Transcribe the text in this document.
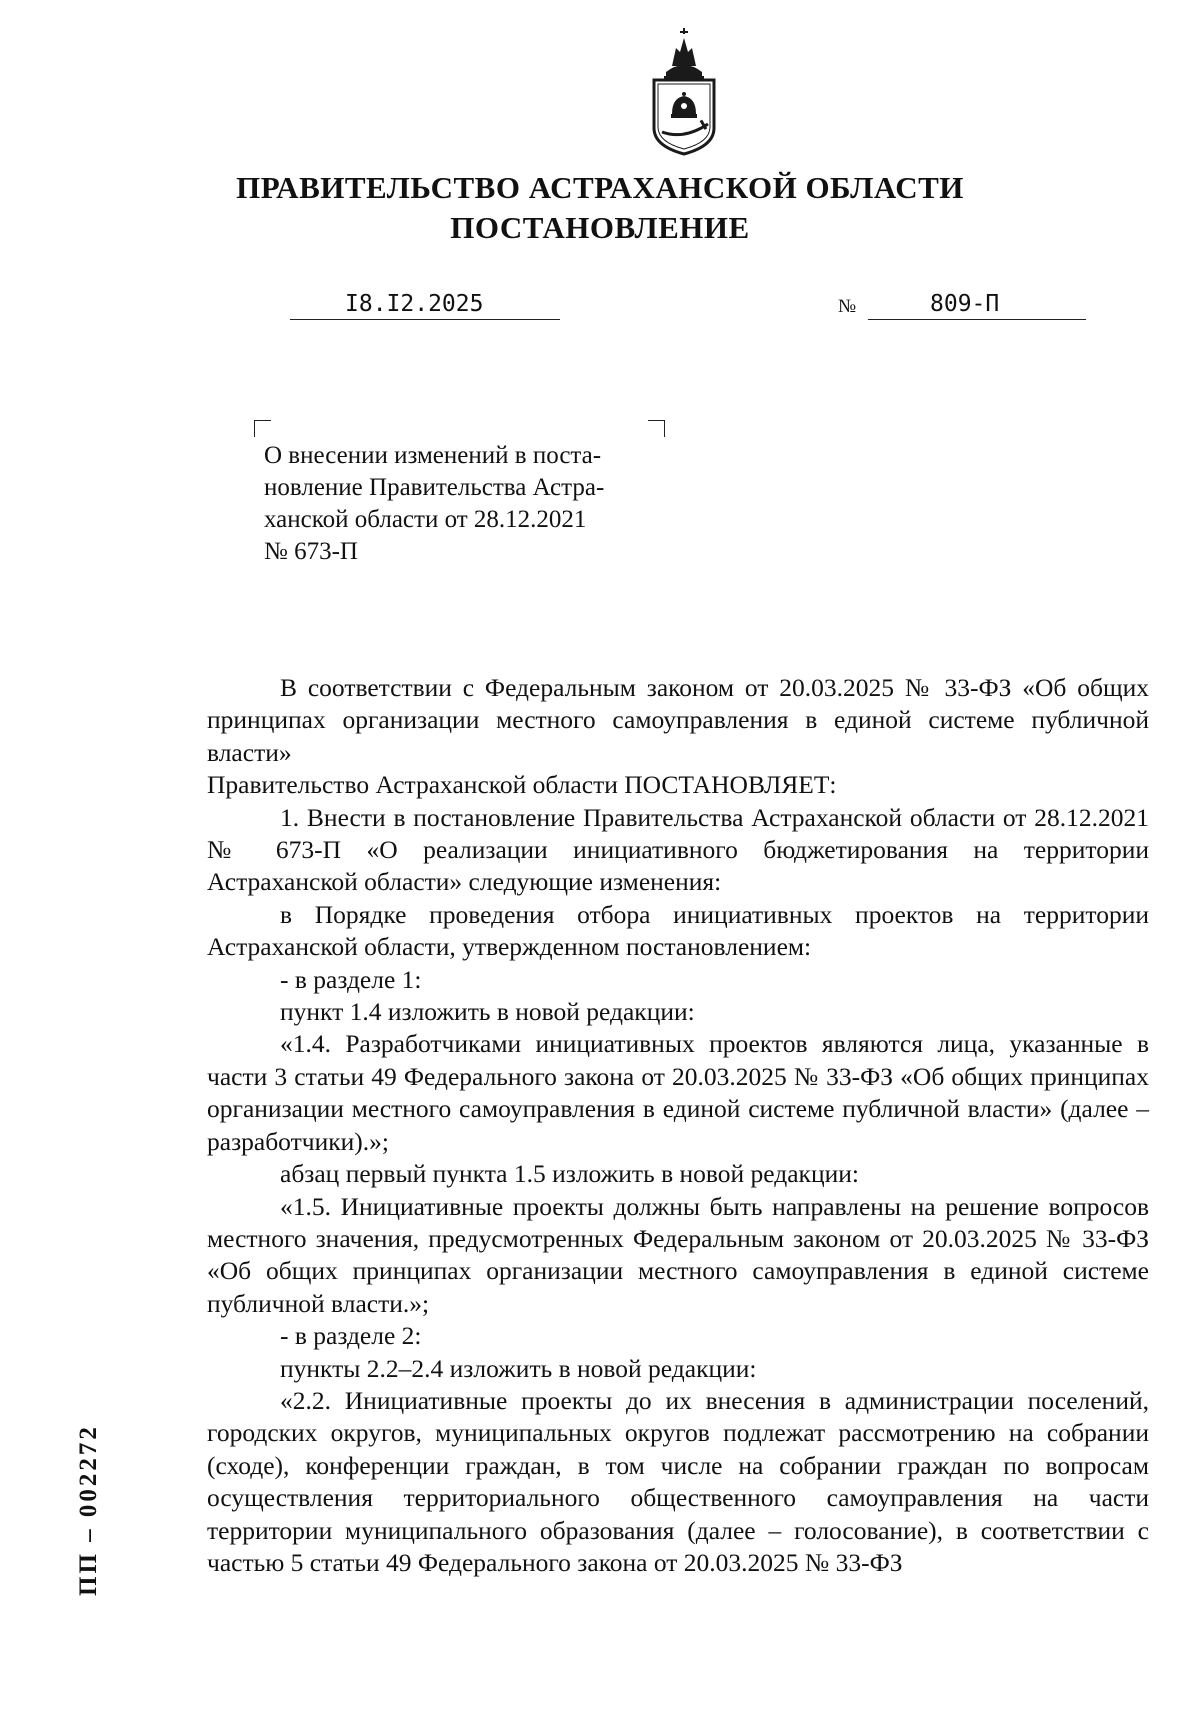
ПРАВИТЕЛЬСТВО АСТРАХАНСКОЙ ОБЛАСТИ
ПОСТАНОВЛЕНИЕ
I8.I2.2025	№	809-П
О внесении изменений в поста-
новление Правительства Астра-
ханской области от 28.12.2021
№ 673-П

В соответствии с Федеральным законом от 20.03.2025 № 33-ФЗ «Об общих принципах организации местного самоуправления в единой системе публичной власти»

Правительство Астраханской области ПОСТАНОВЛЯЕТ:

1. Внести в постановление Правительства Астраханской области от 28.12.2021 № 673-П «О реализации инициативного бюджетирования на территории Астраханской области» следующие изменения:

в Порядке проведения отбора инициативных проектов на территории Астраханской области, утвержденном постановлением:

- в разделе 1:

пункт 1.4 изложить в новой редакции:

«1.4. Разработчиками инициативных проектов являются лица, указанные в части 3 статьи 49 Федерального закона от 20.03.2025 № 33-ФЗ «Об общих принципах организации местного самоуправления в единой системе публичной власти» (далее – разработчики).»;

абзац первый пункта 1.5 изложить в новой редакции:

«1.5. Инициативные проекты должны быть направлены на решение вопросов местного значения, предусмотренных Федеральным законом от 20.03.2025 № 33-ФЗ «Об общих принципах организации местного самоуправления в единой системе публичной власти.»;

- в разделе 2:

пункты 2.2–2.4 изложить в новой редакции:

«2.2. Инициативные проекты до их внесения в администрации поселений, городских округов, муниципальных округов подлежат рассмотрению на собрании (сходе), конференции граждан, в том числе на собрании граждан по вопросам осуществления территориального общественного самоуправления на части территории муниципального образования (далее – голосование), в соответствии с частью 5 статьи 49 Федерального закона от 20.03.2025 № 33-ФЗ

ПП – 002272
